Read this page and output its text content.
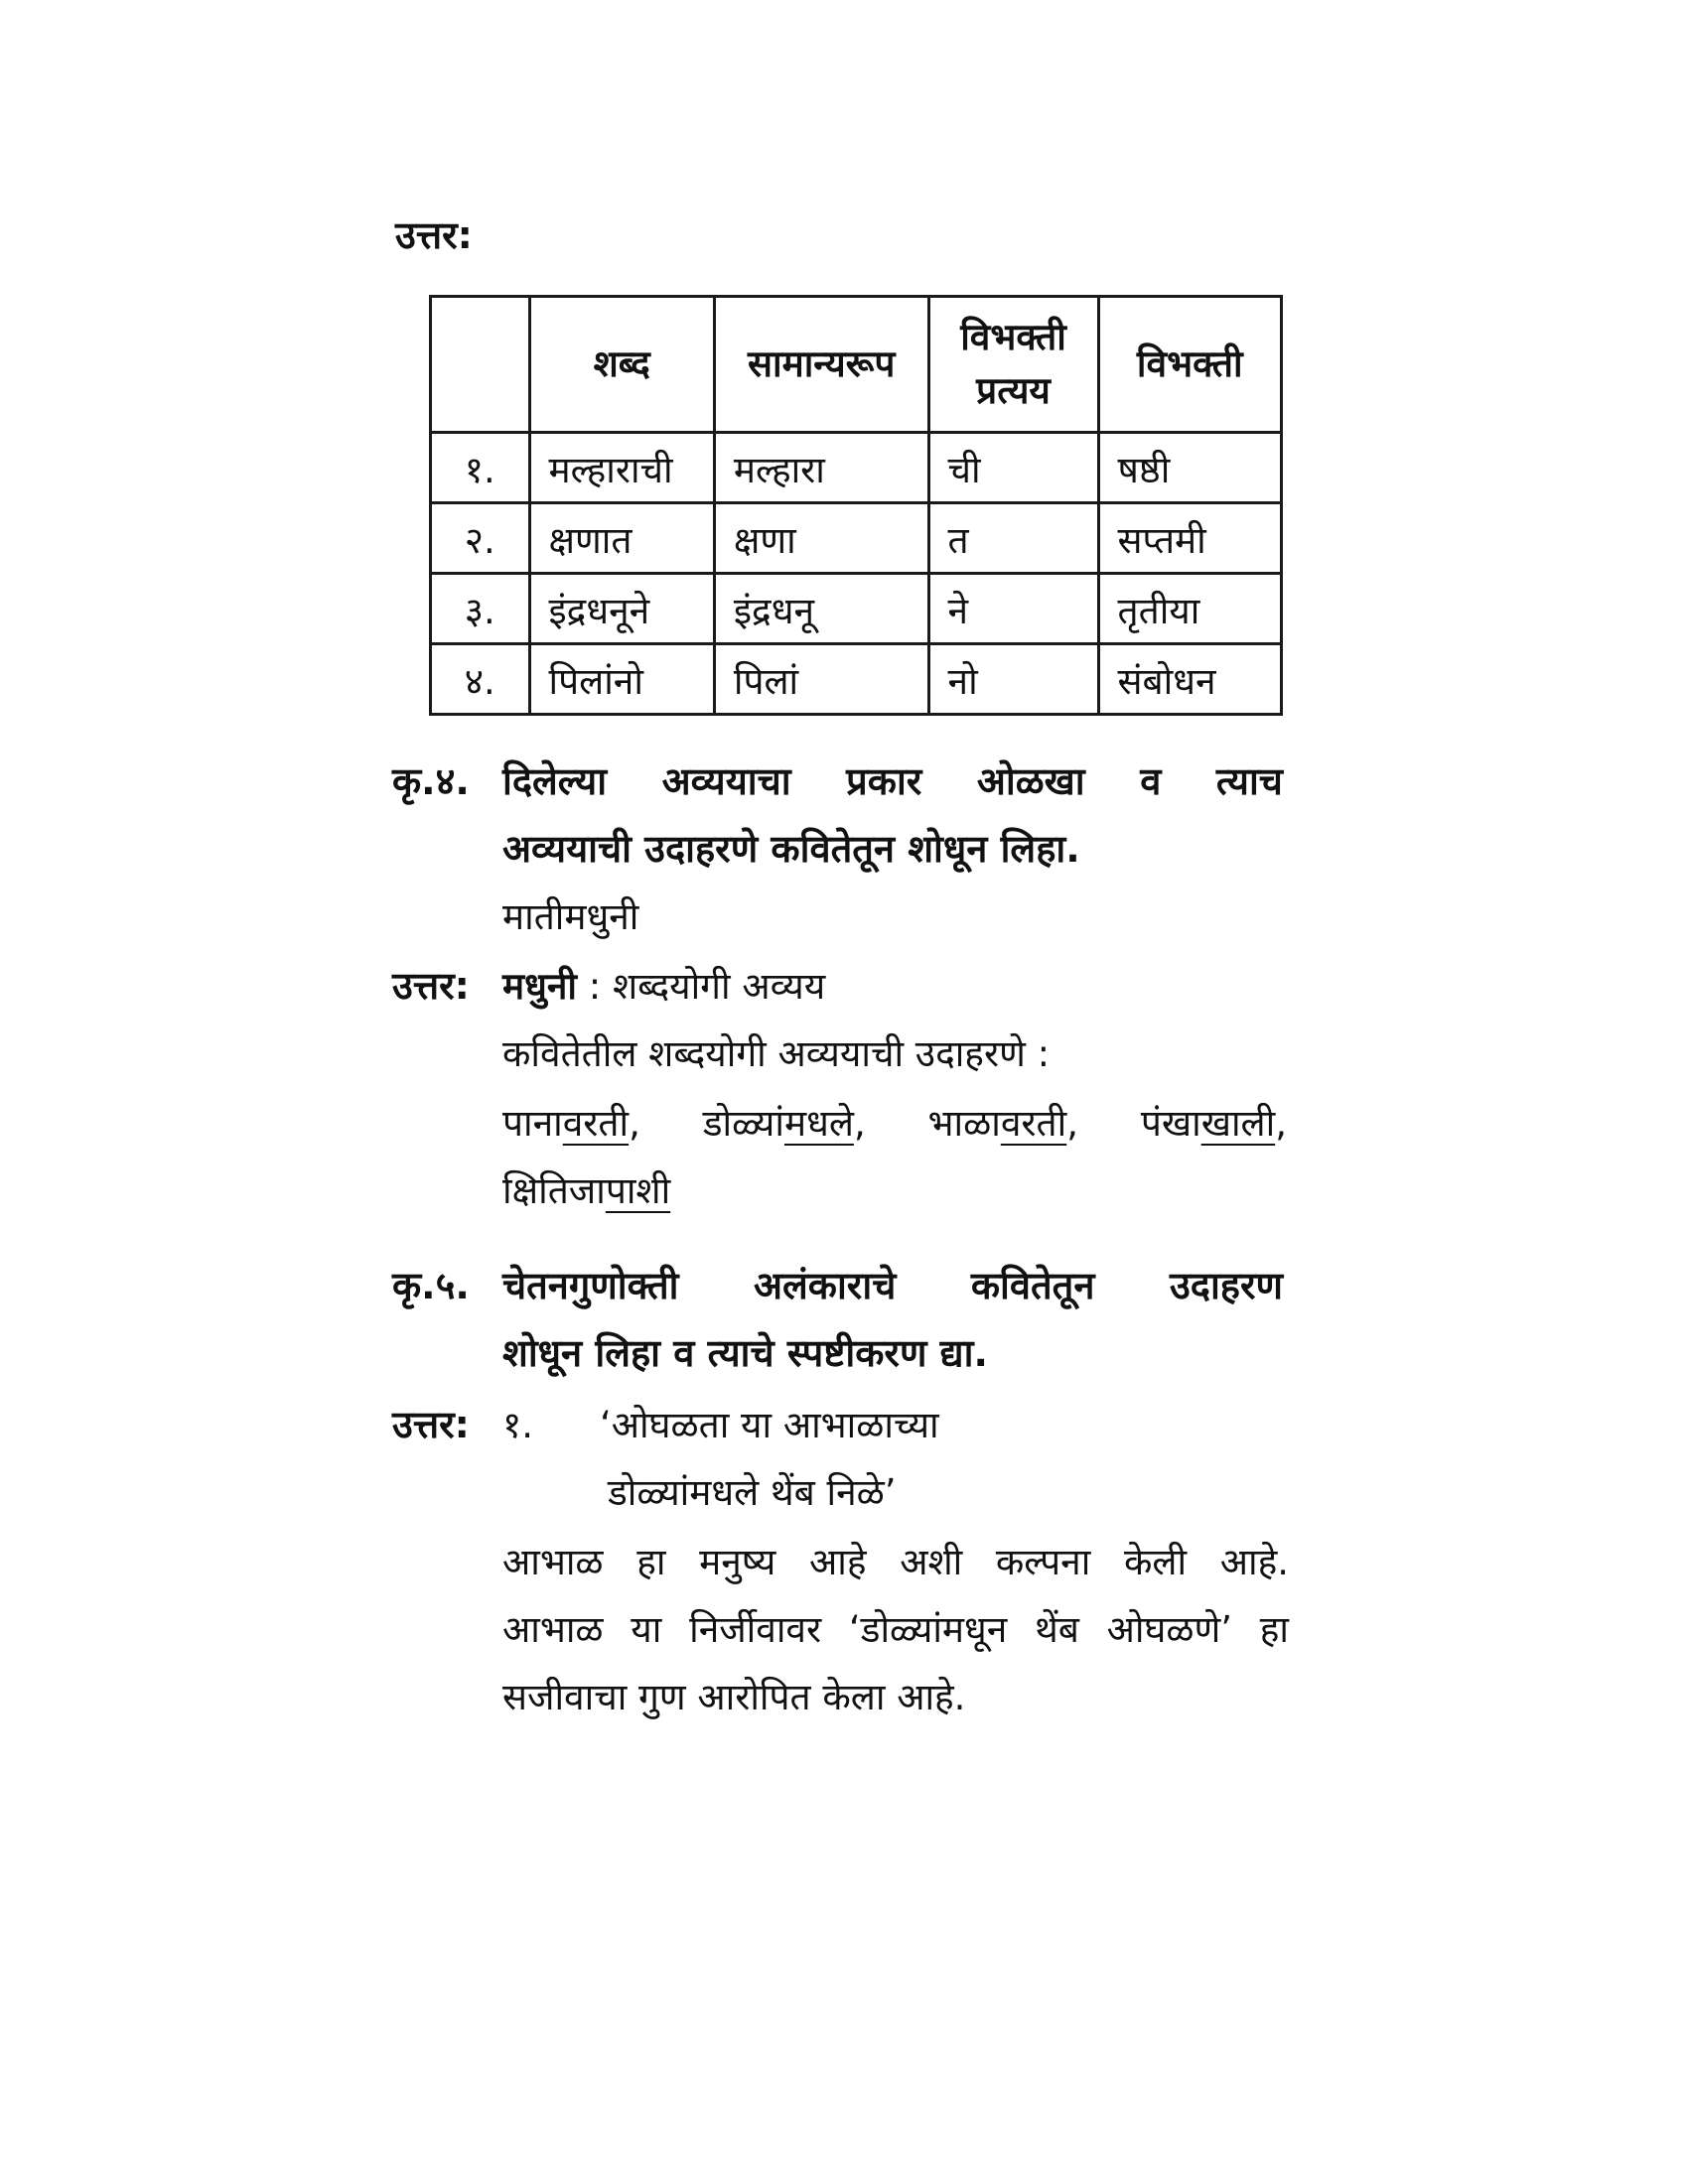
उत्तर:
	शब्द	सामान्यरूप	विभक्ती प्रत्यय	विभक्ती
१.	मल्हाराची	मल्हारा	ची	षष्ठी
२.	क्षणात	क्षणा	त	सप्तमी
३.	इंद्रधनूने	इंद्रधनू	ने	तृतीया
४.	पिलांनो	पिलां	नो	संबोधन
कृ.४. दिलेल्या अव्ययाचा प्रकार ओळखा व त्याच
अव्ययाची उदाहरणे कवितेतून शोधून लिहा.
मातीमधुनी
उत्तर: मधुनी : शब्दयोगी अव्यय
कवितेतील शब्दयोगी अव्ययाची उदाहरणे :
पानावरती, डोळ्यांमधले, भाळावरती, पंखाखाली,
क्षितिजापाशी
कृ.५. चेतनगुणोक्ती अलंकाराचे कवितेतून उदाहरण
शोधून लिहा व त्याचे स्पष्टीकरण द्या.
उत्तर: १. ‘ओघळता या आभाळाच्या
डोळ्यांमधले थेंब निळे’
आभाळ हा मनुष्य आहे अशी कल्पना केली आहे.
आभाळ या निर्जीवावर ‘डोळ्यांमधून थेंब ओघळणे’ हा
सजीवाचा गुण आरोपित केला आहे.
